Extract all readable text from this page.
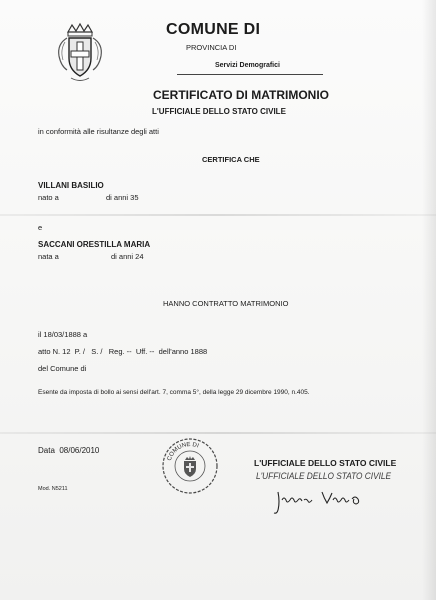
COMUNE DI
PROVINCIA DI
Servizi Demografici
CERTIFICATO DI MATRIMONIO
L'UFFICIALE DELLO STATO CIVILE
in conformità alle risultanze degli atti
CERTIFICA CHE
VILLANI BASILIO
nato a	di anni 35
e
SACCANI ORESTILLA MARIA
nata a	di anni 24
HANNO CONTRATTO MATRIMONIO
il 18/03/1888 a
atto N. 12  P. /   S. /   Reg. --  Uff. --  dell'anno 1888
del Comune di
Esente da imposta di bollo ai sensi dell'art. 7, comma 5°, della legge 29 dicembre 1990, n.405.
Data  08/06/2010
Mod. N5211
COMUNE DI
L'UFFICIALE DELLO STATO CIVILE
L'UFFICIALE DELLO STATO CIVILE
